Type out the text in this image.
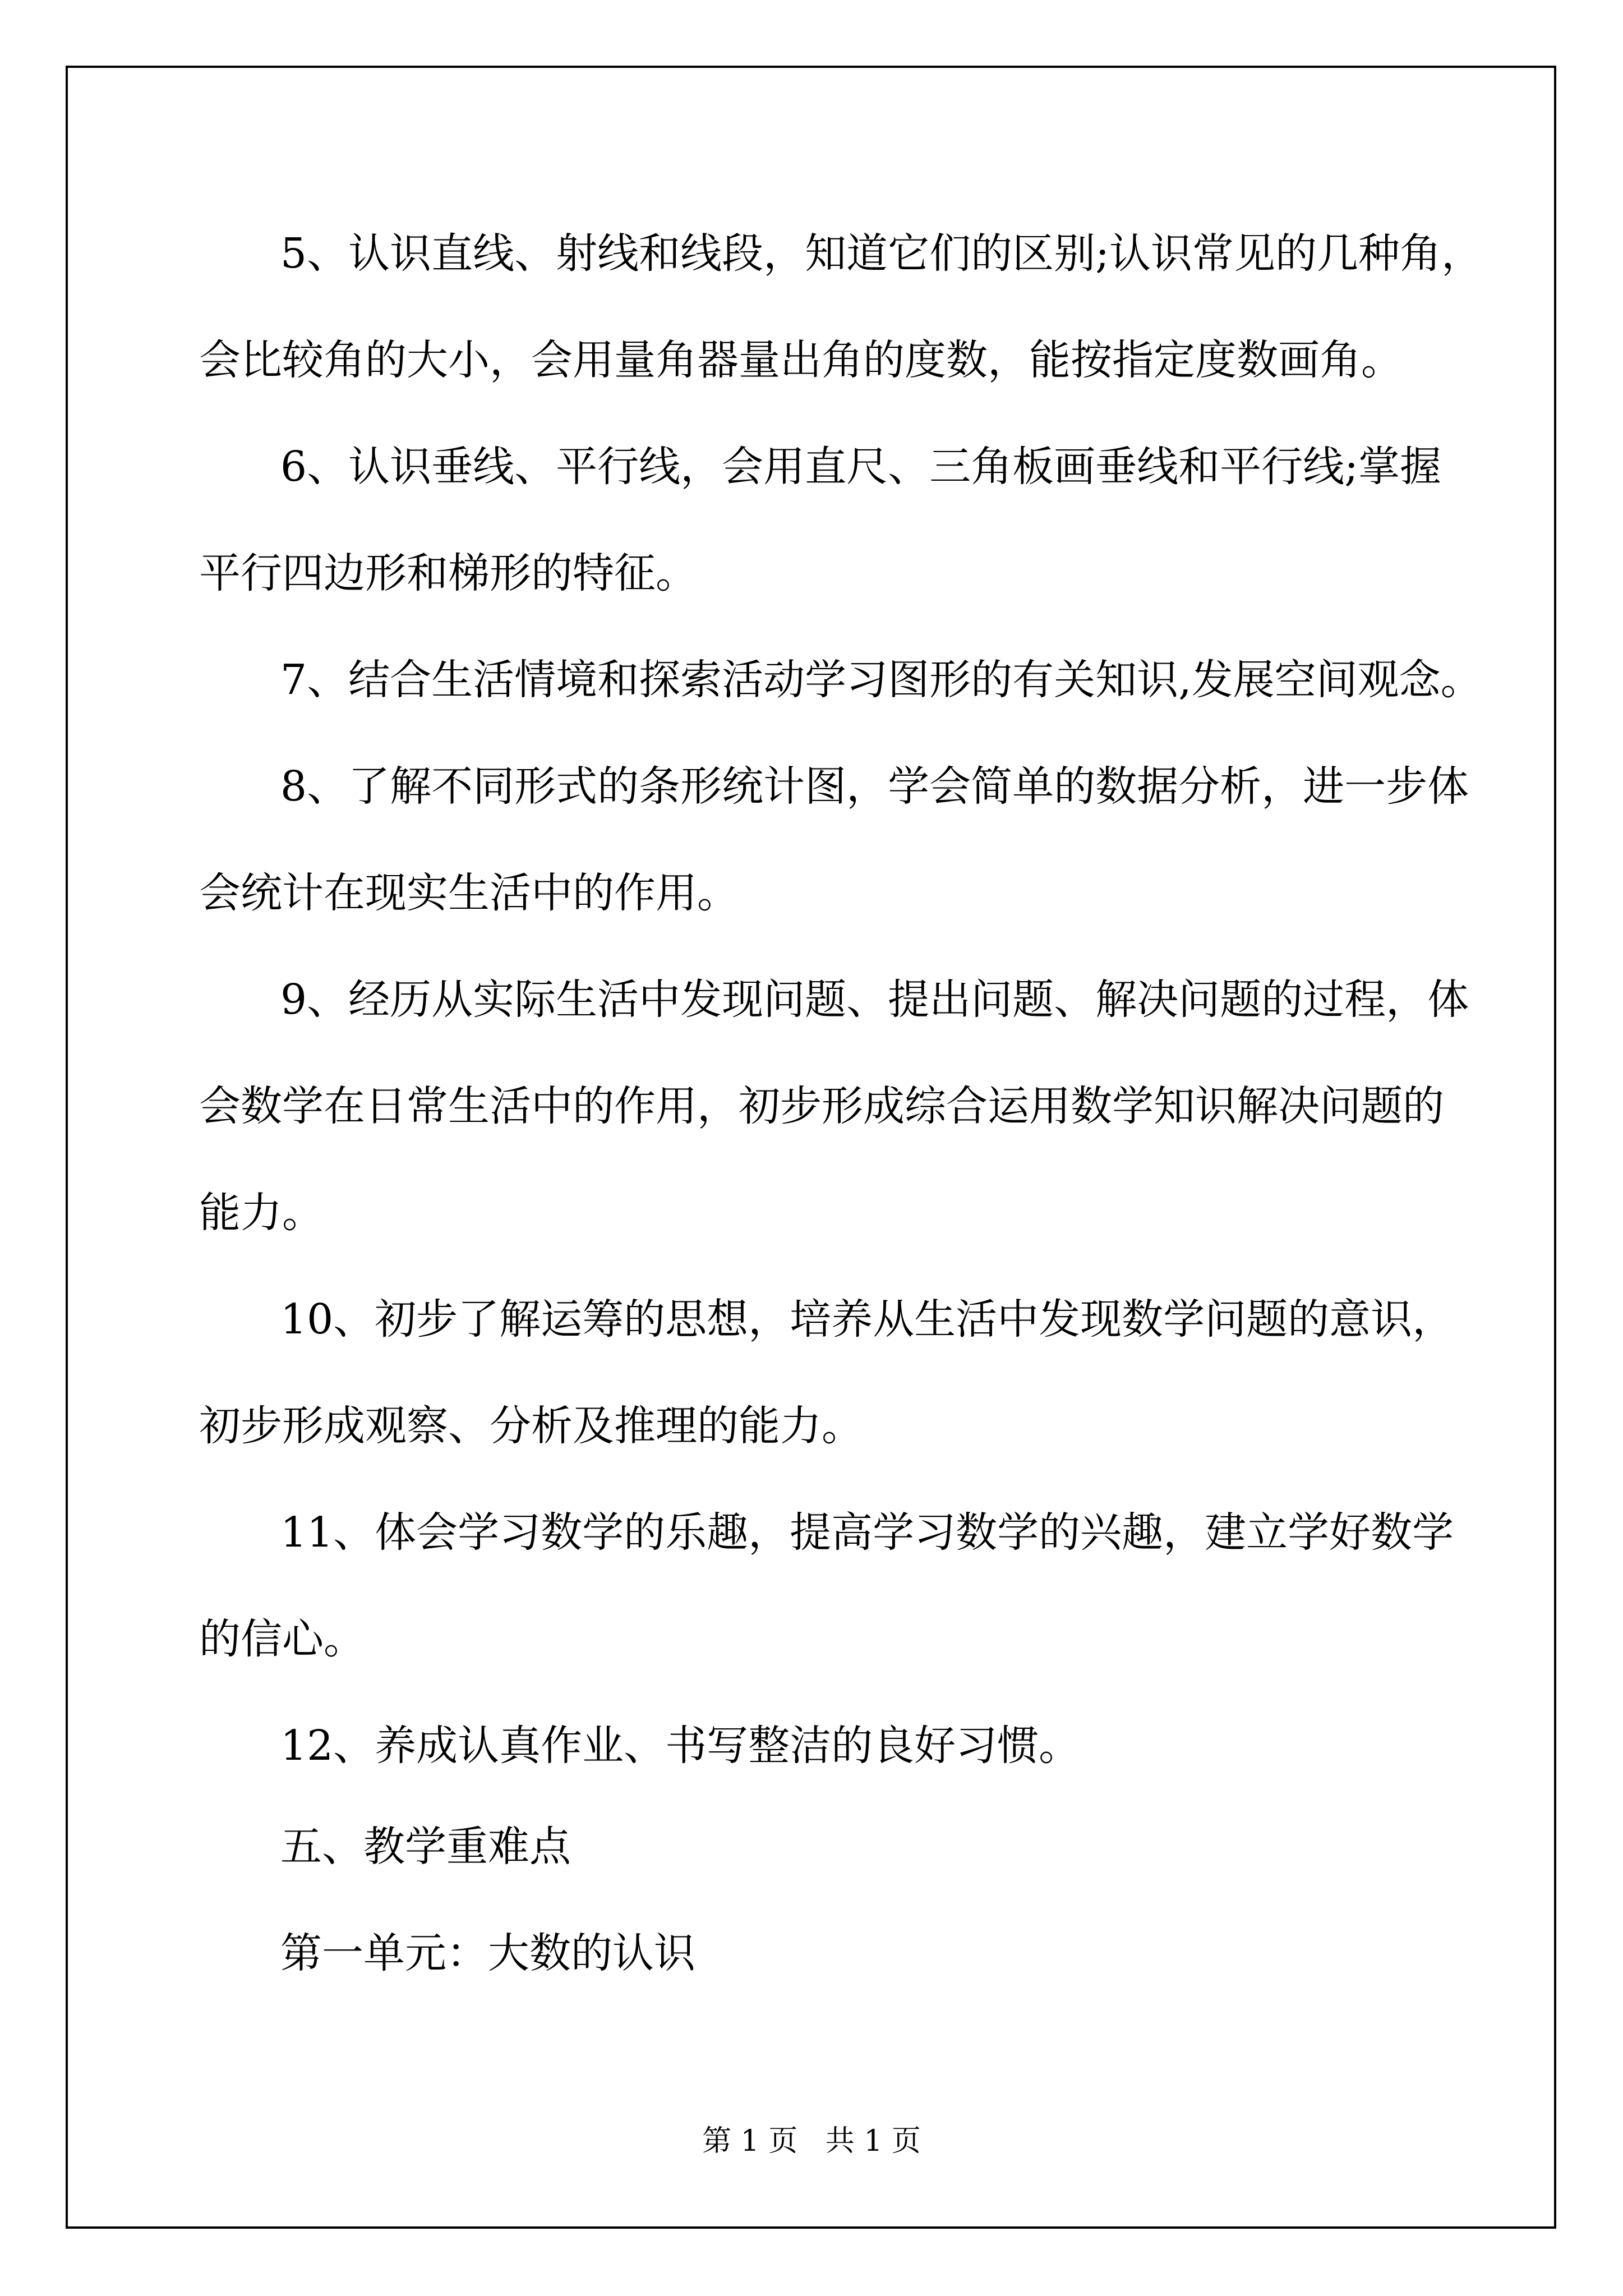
5、认识直线、射线和线段，知道它们的区别;认识常见的几种角，
会比较角的大小，会用量角器量出角的度数，能按指定度数画角。
6、认识垂线、平行线，会用直尺、三角板画垂线和平行线;掌握
平行四边形和梯形的特征。
7、结合生活情境和探索活动学习图形的有关知识,发展空间观念。
8、了解不同形式的条形统计图，学会简单的数据分析，进一步体
会统计在现实生活中的作用。
9、经历从实际生活中发现问题、提出问题、解决问题的过程，体
会数学在日常生活中的作用，初步形成综合运用数学知识解决问题的
能力。
10、初步了解运筹的思想，培养从生活中发现数学问题的意识，
初步形成观察、分析及推理的能力。
11、体会学习数学的乐趣，提高学习数学的兴趣，建立学好数学
的信心。
12、养成认真作业、书写整洁的良好习惯。
五、教学重难点
第一单元：大数的认识
第 1 页   共 1 页
